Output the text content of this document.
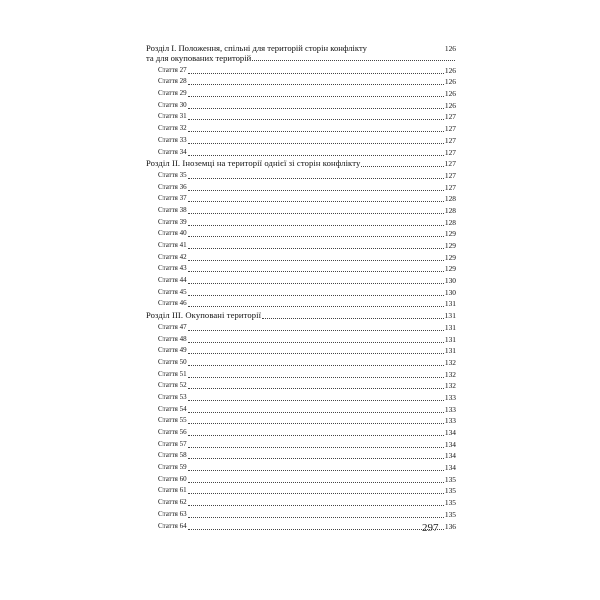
Розділ I. Положення, спільні для територій сторін конфлікту	126
та для окупованих територій
Стаття 27	126
Стаття 28	126
Стаття 29	126
Стаття 30	126
Стаття 31	127
Стаття 32	127
Стаття 33	127
Стаття 34	127
Розділ II. Іноземці на території однієї зі сторін конфлікту	127
Стаття 35	127
Стаття 36	127
Стаття 37	128
Стаття 38	128
Стаття 39	128
Стаття 40	129
Стаття 41	129
Стаття 42	129
Стаття 43	129
Стаття 44	130
Стаття 45	130
Стаття 46	131
Розділ III. Окуповані території	131
Стаття 47	131
Стаття 48	131
Стаття 49	131
Стаття 50	132
Стаття 51	132
Стаття 52	132
Стаття 53	133
Стаття 54	133
Стаття 55	133
Стаття 56	134
Стаття 57	134
Стаття 58	134
Стаття 59	134
Стаття 60	135
Стаття 61	135
Стаття 62	135
Стаття 63	135
Стаття 64	136
297
